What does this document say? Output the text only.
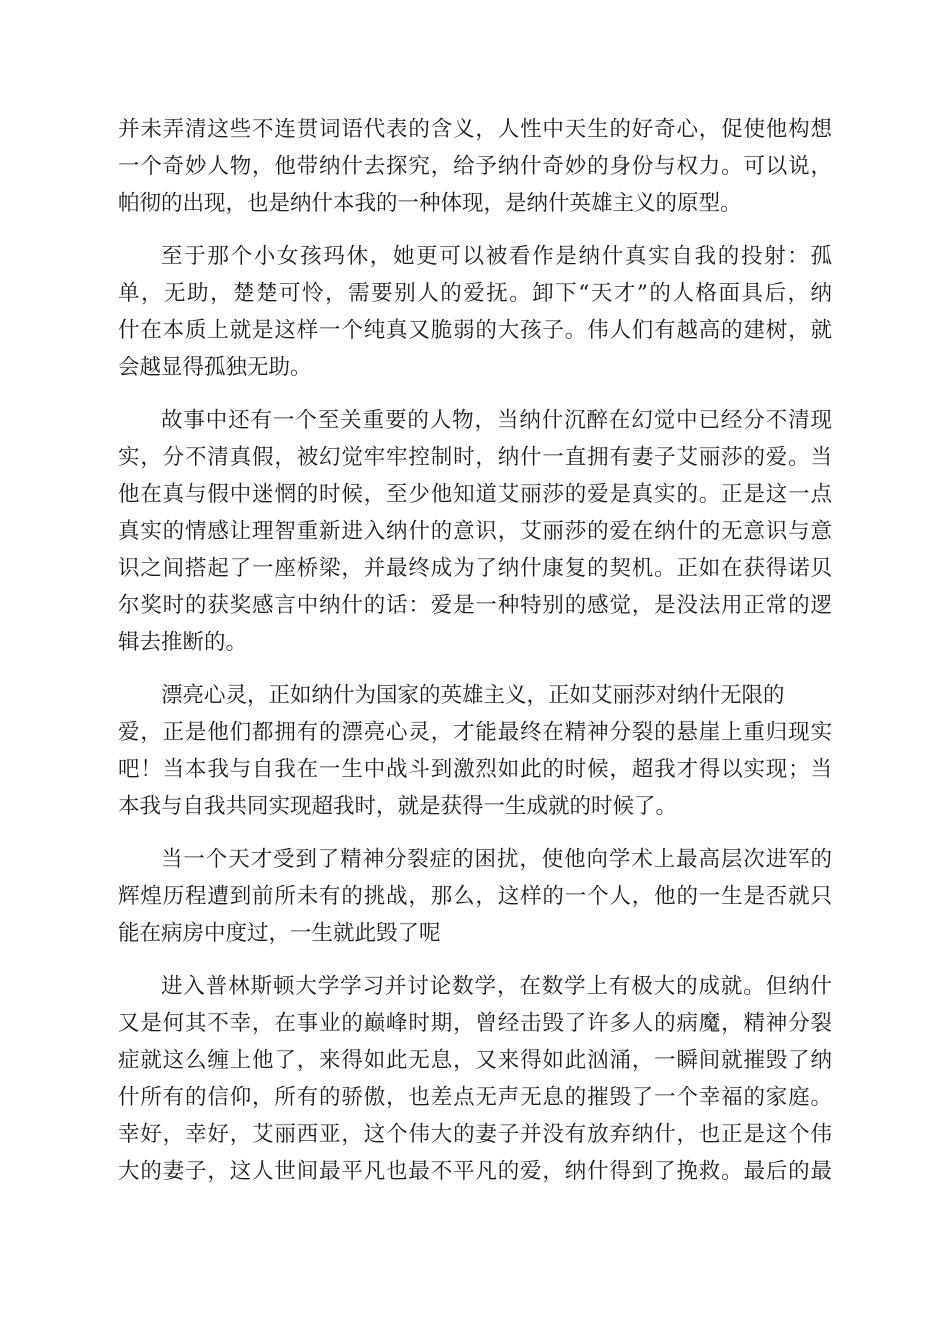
并未弄清这些不连贯词语代表的含义，人性中天生的好奇心，促使他构想
一个奇妙人物，他带纳什去探究，给予纳什奇妙的身份与权力。可以说，
帕彻的出现，也是纳什本我的一种体现，是纳什英雄主义的原型。
至于那个小女孩玛休，她更可以被看作是纳什真实自我的投射：孤
单，无助，楚楚可怜，需要别人的爱抚。卸下“天才”的人格面具后，纳
什在本质上就是这样一个纯真又脆弱的大孩子。伟人们有越高的建树，就
会越显得孤独无助。
故事中还有一个至关重要的人物，当纳什沉醉在幻觉中已经分不清现
实，分不清真假，被幻觉牢牢控制时，纳什一直拥有妻子艾丽莎的爱。当
他在真与假中迷惘的时候，至少他知道艾丽莎的爱是真实的。正是这一点
真实的情感让理智重新进入纳什的意识，艾丽莎的爱在纳什的无意识与意
识之间搭起了一座桥梁，并最终成为了纳什康复的契机。正如在获得诺贝
尔奖时的获奖感言中纳什的话：爱是一种特别的感觉，是没法用正常的逻
辑去推断的。
漂亮心灵，正如纳什为国家的英雄主义，正如艾丽莎对纳什无限的
爱，正是他们都拥有的漂亮心灵，才能最终在精神分裂的悬崖上重归现实
吧！当本我与自我在一生中战斗到激烈如此的时候，超我才得以实现；当
本我与自我共同实现超我时，就是获得一生成就的时候了。
当一个天才受到了精神分裂症的困扰，使他向学术上最高层次进军的
辉煌历程遭到前所未有的挑战，那么，这样的一个人，他的一生是否就只
能在病房中度过，一生就此毁了呢
进入普林斯顿大学学习并讨论数学，在数学上有极大的成就。但纳什
又是何其不幸，在事业的巅峰时期，曾经击毁了许多人的病魔，精神分裂
症就这么缠上他了，来得如此无息，又来得如此汹涌，一瞬间就摧毁了纳
什所有的信仰，所有的骄傲，也差点无声无息的摧毁了一个幸福的家庭。
幸好，幸好，艾丽西亚，这个伟大的妻子并没有放弃纳什，也正是这个伟
大的妻子，这人世间最平凡也最不平凡的爱，纳什得到了挽救。最后的最
